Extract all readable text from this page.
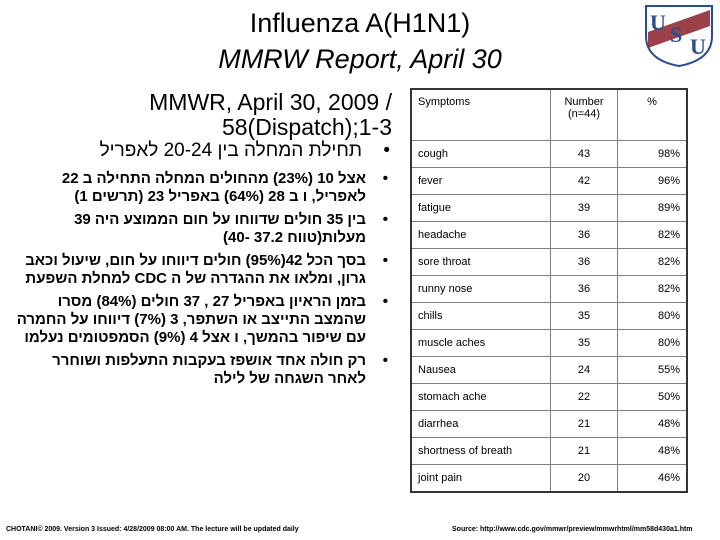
Influenza A(H1N1)
MMRW Report, April 30
U S U
MMWR, April 30, 2009 / 58(Dispatch);1-3
•
תחילת המחלה בין 20-24 לאפריל
•
אצל 10 (23%) מהחולים המחלה התחילה ב 22 לאפריל, ו ב 28 (64%) באפריל 23 (תרשים 1)
•
בין 35 חולים שדווחו על חום הממוצע היה 39 מעלות(טווח 37.2 -40)
•
בסך הכל 42(95%) חולים דיווחו על חום, שיעול וכאב גרון, ומלאו את ההגדרה של ה CDC למחלת השפעת
•
בזמן הראיון באפריל 27 , 37 חולים (84%) מסרו שהמצב התייצב או השתפר, 3 (7%) דיווחו על החמרה עם שיפור בהמשך, ו אצל 4 (9%) הסמפטומים נעלמו
•
רק חולה אחד אושפז בעקבות התעלפות ושוחרר לאחר השגחה של לילה
Symptoms	Number (n=44)	%
cough	43	98%
fever	42	96%
fatigue	39	89%
headache	36	82%
sore throat	36	82%
runny nose	36	82%
chills	35	80%
muscle aches	35	80%
Nausea	24	55%
stomach ache	22	50%
diarrhea	21	48%
shortness of breath	21	48%
joint pain	20	46%
CHOTANI© 2009. Version 3 Issued: 4/28/2009 08:00 AM. The lecture will be updated daily	Source: http://www.cdc.gov/mmwr/preview/mmwrhtml/mm58d430a1.htm
